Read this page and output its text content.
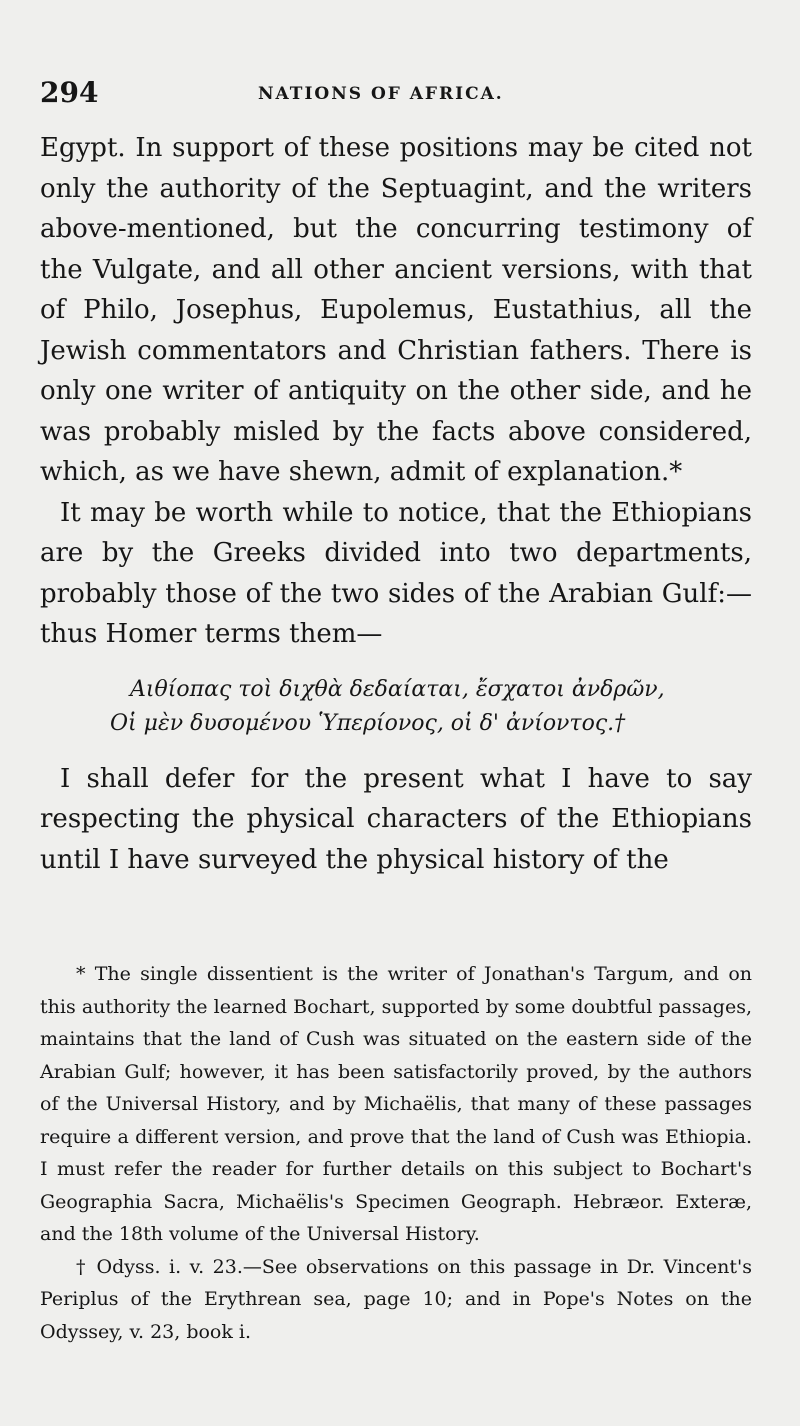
294	NATIONS OF AFRICA.

Egypt. In support of these positions may be cited not only the authority of the Septuagint, and the writers above-mentioned, but the concurring testimony of the Vulgate, and all other ancient versions, with that of Philo, Josephus, Eupolemus, Eustathius, all the Jewish commentators and Christian fathers. There is only one writer of antiquity on the other side, and he was probably misled by the facts above considered, which, as we have shewn, admit of explanation.*

It may be worth while to notice, that the Ethiopians are by the Greeks divided into two departments, probably those of the two sides of the Arabian Gulf:—thus Homer terms them—

Αιθίοπας τοὶ διχθὰ δεδαίαται, ἔσχατοι ἀνδρῶν,
Οἱ μὲν δυσομένου Ὑπερίονος, οἱ δ' ἀνίοντος.†

I shall defer for the present what I have to say respecting the physical characters of the Ethiopians until I have surveyed the physical history of the

* The single dissentient is the writer of Jonathan's Targum, and on this authority the learned Bochart, supported by some doubtful passages, maintains that the land of Cush was situated on the eastern side of the Arabian Gulf; however, it has been satisfactorily proved, by the authors of the Universal History, and by Michaëlis, that many of these passages require a different version, and prove that the land of Cush was Ethiopia. I must refer the reader for further details on this subject to Bochart's Geographia Sacra, Michaëlis's Specimen Geograph. Hebræor. Exteræ, and the 18th volume of the Universal History.

† Odyss. i. v. 23.—See observations on this passage in Dr. Vincent's Periplus of the Erythrean sea, page 10; and in Pope's Notes on the Odyssey, v. 23, book i.
